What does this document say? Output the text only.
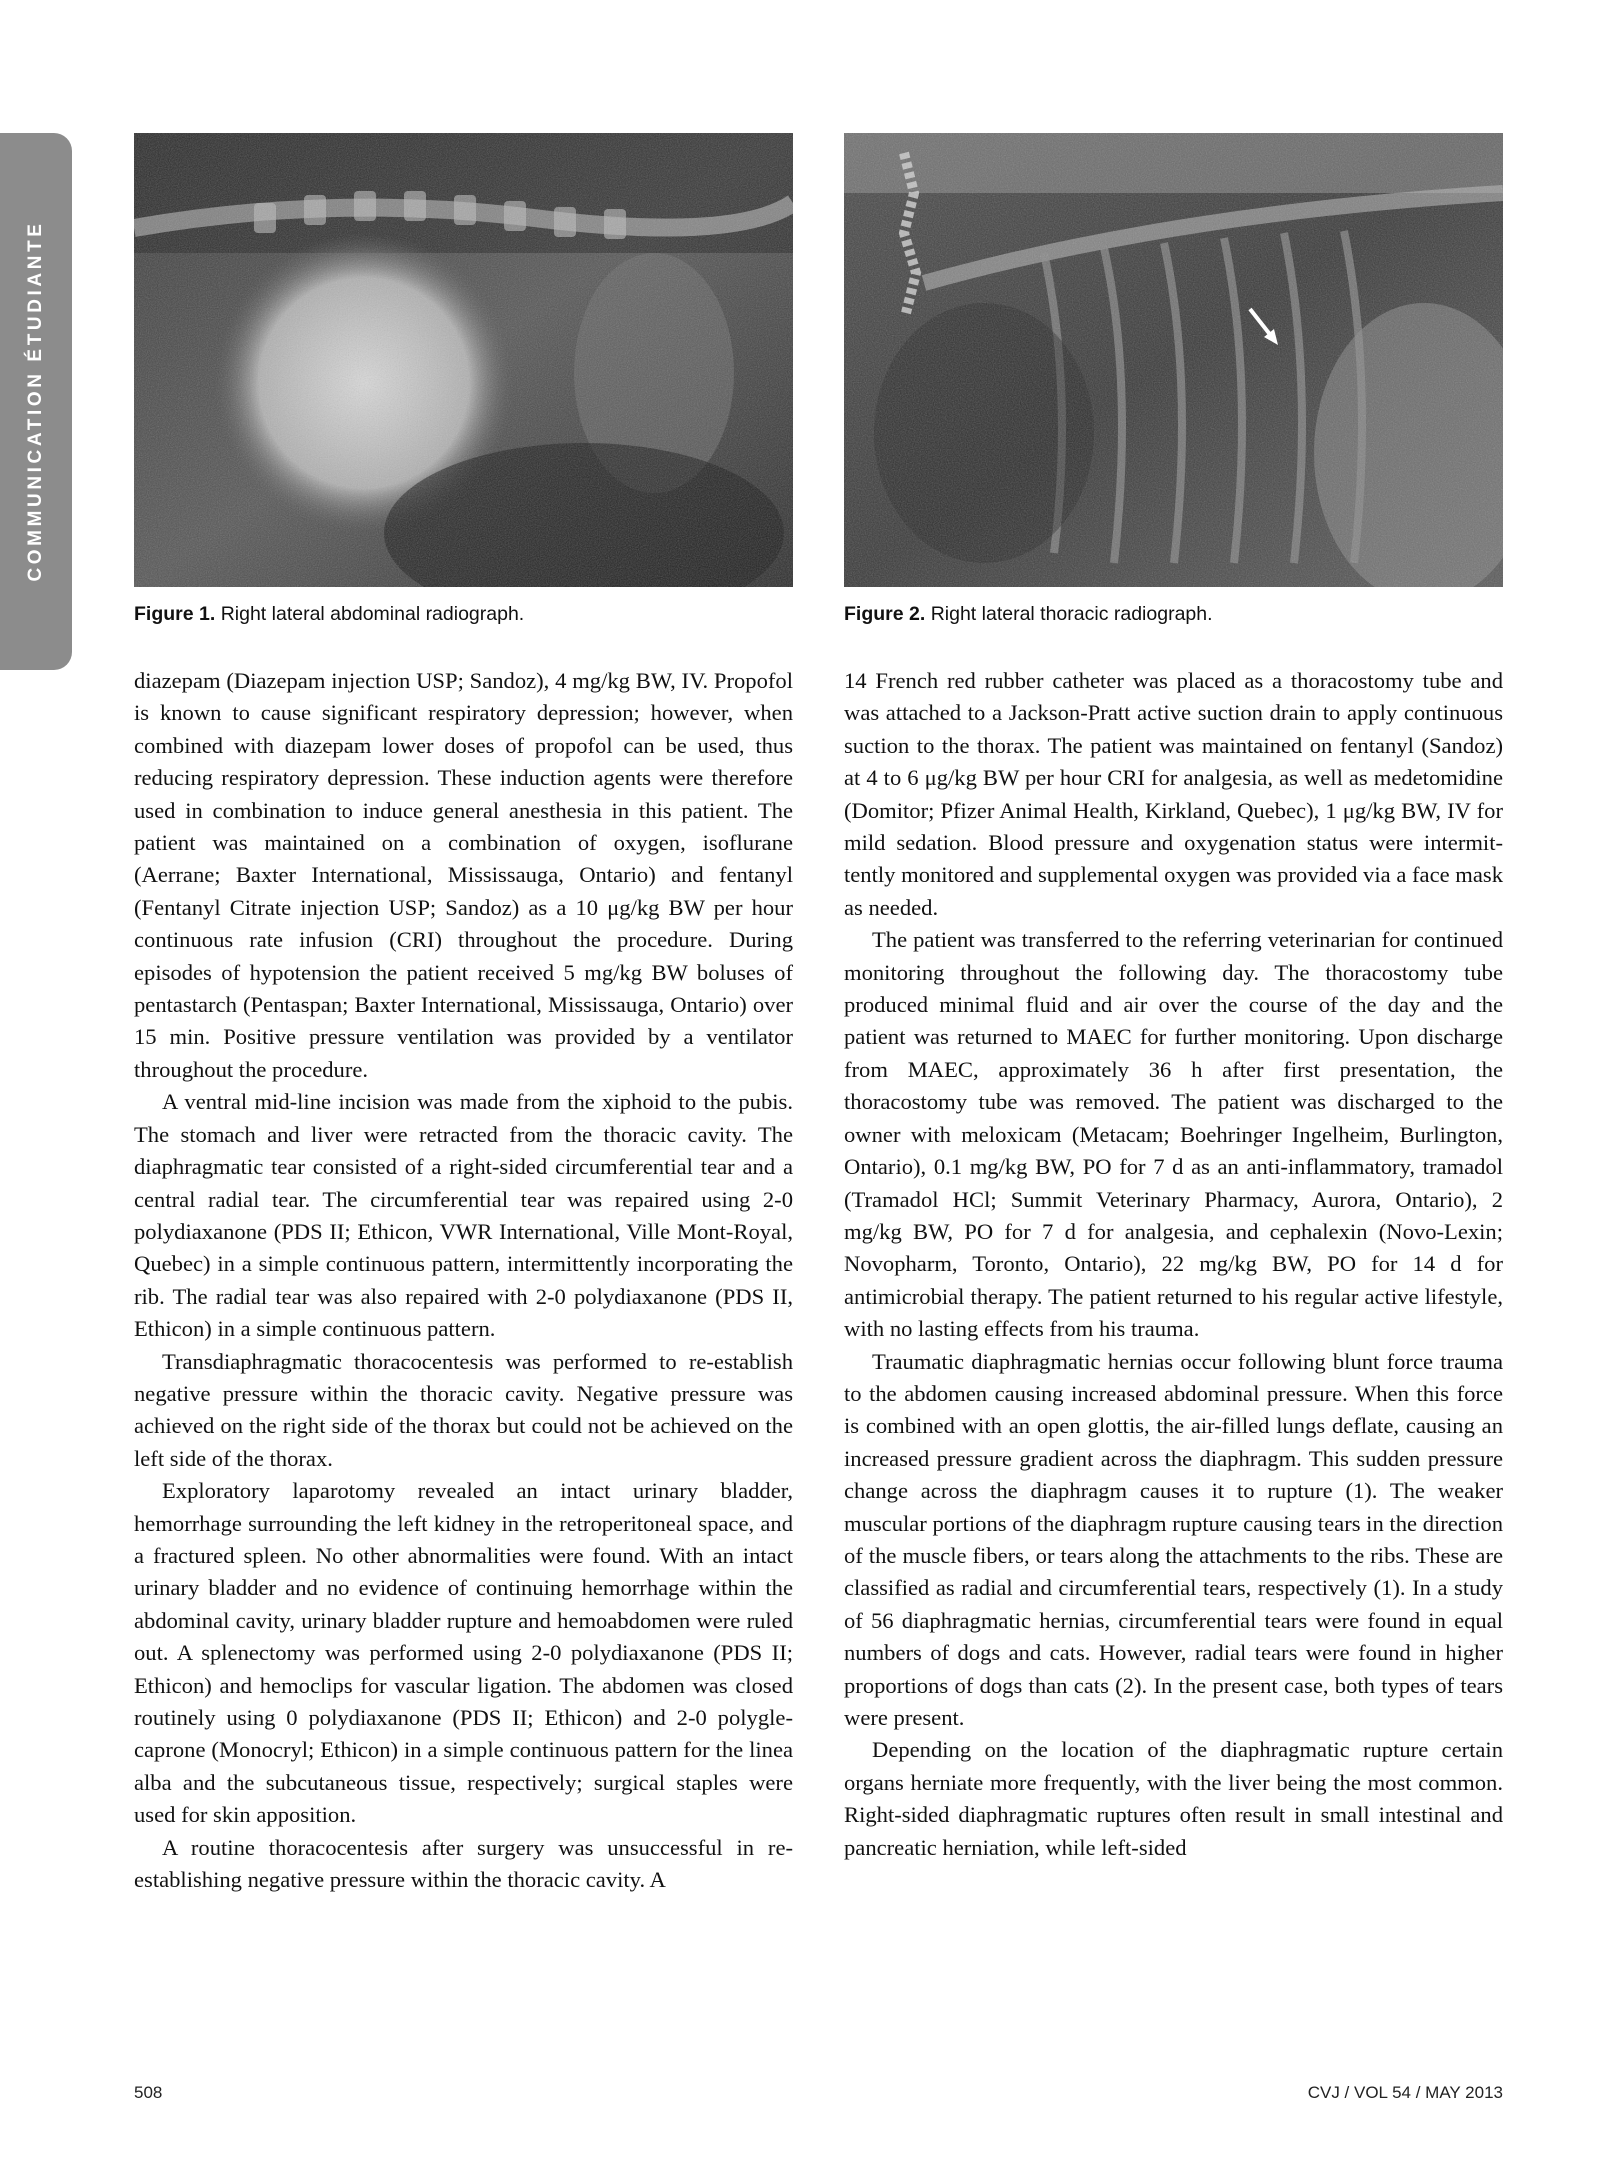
COMMUNICATION ÉTUDIANTE
Figure 1. Right lateral abdominal radiograph.	Figure 2. Right lateral thoracic radiograph.

diazepam (Diazepam injection USP; Sandoz), 4 mg/kg BW, IV. Propofol is known to cause significant respiratory depression; however, when combined with diazepam lower doses of propofol can be used, thus reducing respiratory depression. These induction agents were therefore used in combination to induce general anesthesia in this patient. The patient was maintained on a combination of oxygen, isoflurane (Aerrane; Baxter International, Mississauga, Ontario) and fentanyl (Fentanyl Citrate injection USP; Sandoz) as a 10 μg/kg BW per hour continuous rate infusion (CRI) throughout the procedure. During episodes of hypotension the patient received 5 mg/kg BW boluses of pentastarch (Pentaspan; Baxter International, Mississauga, Ontario) over 15 min. Positive pressure ventilation was provided by a ventilator throughout the procedure.

A ventral mid-line incision was made from the xiphoid to the pubis. The stomach and liver were retracted from the thoracic cavity. The diaphragmatic tear consisted of a right-sided circumferential tear and a central radial tear. The circumferential tear was repaired using 2-0 polydiaxanone (PDS II; Ethicon, VWR International, Ville Mont-Royal, Quebec) in a simple continuous pattern, intermittently incorporating the rib. The radial tear was also repaired with 2-0 polydiaxanone (PDS II, Ethicon) in a simple continuous pattern.

Transdiaphragmatic thoracocentesis was performed to re-establish negative pressure within the thoracic cavity. Negative pressure was achieved on the right side of the thorax but could not be achieved on the left side of the thorax.

Exploratory laparotomy revealed an intact urinary bladder, hemorrhage surrounding the left kidney in the retroperitoneal space, and a fractured spleen. No other abnormalities were found. With an intact urinary bladder and no evidence of continuing hemorrhage within the abdominal cavity, urinary bladder rupture and hemoabdomen were ruled out. A splenectomy was performed using 2-0 polydiaxanone (PDS II; Ethicon) and hemoclips for vascular ligation. The abdomen was closed routinely using 0 polydiaxanone (PDS II; Ethicon) and 2-0 polyglecaprone (Monocryl; Ethicon) in a simple continuous pattern for the linea alba and the subcutaneous tissue, respectively; surgical staples were used for skin apposition.

A routine thoracocentesis after surgery was unsuccessful in re-establishing negative pressure within the thoracic cavity. A

14 French red rubber catheter was placed as a thoracostomy tube and was attached to a Jackson-Pratt active suction drain to apply continuous suction to the thorax. The patient was maintained on fentanyl (Sandoz) at 4 to 6 μg/kg BW per hour CRI for analgesia, as well as medetomidine (Domitor; Pfizer Animal Health, Kirkland, Quebec), 1 μg/kg BW, IV for mild sedation. Blood pressure and oxygenation status were intermittently monitored and supplemental oxygen was provided via a face mask as needed.

The patient was transferred to the referring veterinarian for continued monitoring throughout the following day. The thoracostomy tube produced minimal fluid and air over the course of the day and the patient was returned to MAEC for further monitoring. Upon discharge from MAEC, approximately 36 h after first presentation, the thoracostomy tube was removed. The patient was discharged to the owner with meloxicam (Metacam; Boehringer Ingelheim, Burlington, Ontario), 0.1 mg/kg BW, PO for 7 d as an anti-inflammatory, tramadol (Tramadol HCl; Summit Veterinary Pharmacy, Aurora, Ontario), 2 mg/kg BW, PO for 7 d for analgesia, and cephalexin (Novo-Lexin; Novopharm, Toronto, Ontario), 22 mg/kg BW, PO for 14 d for antimicrobial therapy. The patient returned to his regular active lifestyle, with no lasting effects from his trauma.

Traumatic diaphragmatic hernias occur following blunt force trauma to the abdomen causing increased abdominal pressure. When this force is combined with an open glottis, the air-filled lungs deflate, causing an increased pressure gradient across the diaphragm. This sudden pressure change across the diaphragm causes it to rupture (1). The weaker muscular portions of the diaphragm rupture causing tears in the direction of the muscle fibers, or tears along the attachments to the ribs. These are classified as radial and circumferential tears, respectively (1). In a study of 56 diaphragmatic hernias, circumferential tears were found in equal numbers of dogs and cats. However, radial tears were found in higher proportions of dogs than cats (2). In the present case, both types of tears were present.

Depending on the location of the diaphragmatic rupture certain organs herniate more frequently, with the liver being the most common. Right-sided diaphragmatic ruptures often result in small intestinal and pancreatic herniation, while left-sided

508	CVJ / VOL 54 / MAY 2013
